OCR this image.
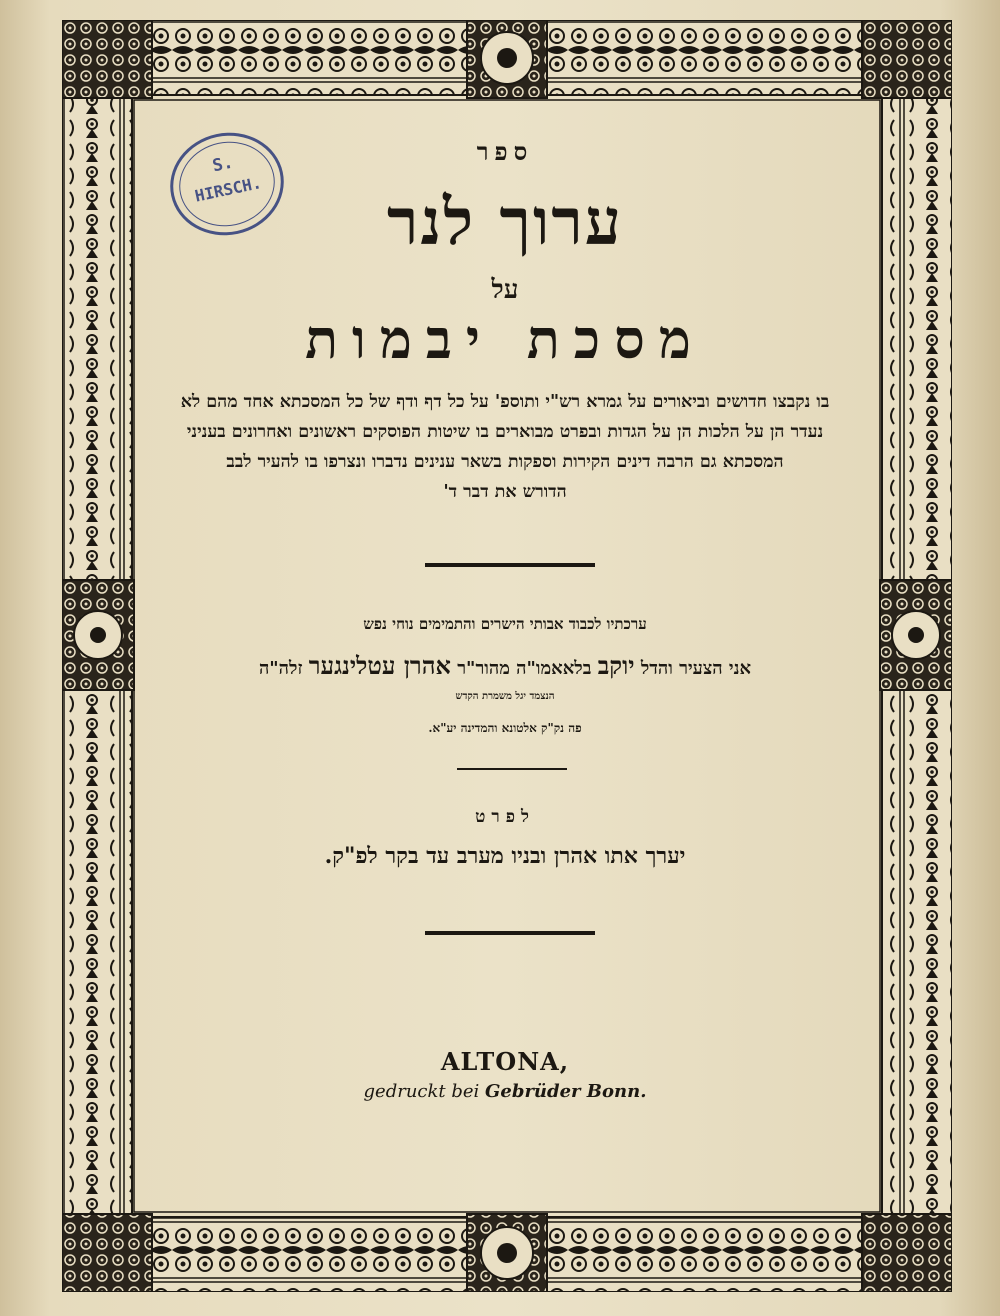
S.
HIRSCH.
ספר
ערוך לנר
על
מסכת יבמות
בו נקבצו חדושים וביאורים על גמרא רש"י ותוספ' על כל דף ודף של כל המסכתא אחד מהם לא
נעדר הן על הלכות הן על הגדות ובפרט מבוארים בו שיטות הפוסקים ראשונים ואחרונים בעניני
המסכתא גם הרבה דינים הקירות וספקות בשאר ענינים נדברו ונצרפו בו להעיר לבב
הדורש את דבר ד'
ערכתיו לכבוד אבותי הישרים והתמימים נוחי נפש
אני הצעיר והדל יוקב בלאאמו"ה מהור"ר אהרן עטלינגער זלה"ה
הנצמד יגל משמרת הקדש
פה נק"ק אלטונא והמדינה יע"א.
לפרט
יערך אתו אהרן ובניו מערב עד בקר לפ"ק.
ALTONA,
gedruckt bei Gebrüder Bonn.
